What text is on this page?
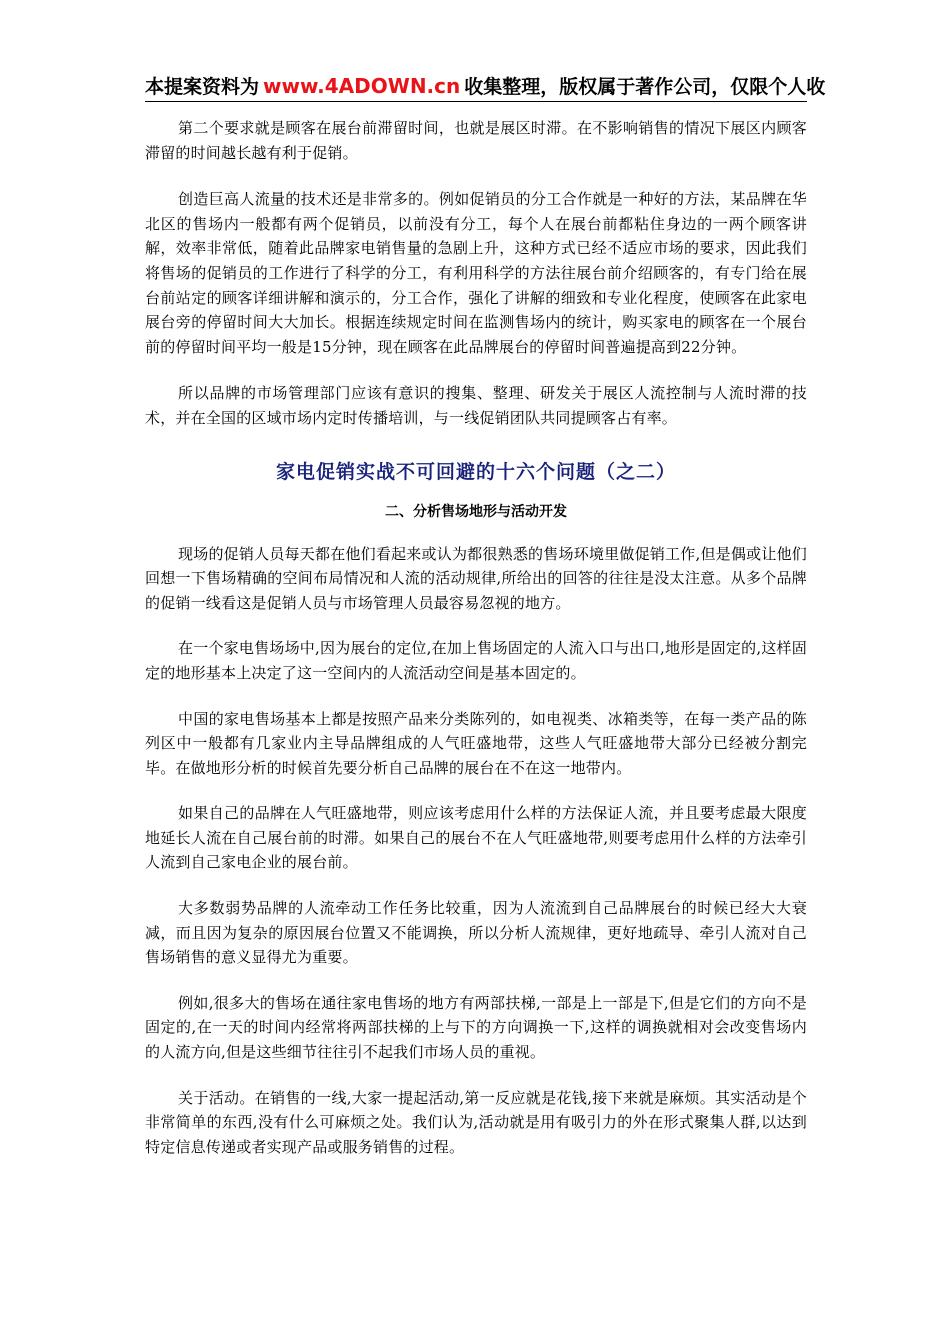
本提案资料为 www.4ADOWN.cn 收集整理，版权属于著作公司，仅限个人收

第二个要求就是顾客在展台前滞留时间，也就是展区时滞。在不影响销售的情况下展区内顾客滞留的时间越长越有利于促销。

创造巨高人流量的技术还是非常多的。例如促销员的分工合作就是一种好的方法，某品牌在华北区的售场内一般都有两个促销员，以前没有分工，每个人在展台前都粘住身边的一两个顾客讲解，效率非常低，随着此品牌家电销售量的急剧上升，这种方式已经不适应市场的要求，因此我们将售场的促销员的工作进行了科学的分工，有利用科学的方法往展台前介绍顾客的，有专门给在展台前站定的顾客详细讲解和演示的，分工合作，强化了讲解的细致和专业化程度，使顾客在此家电展台旁的停留时间大大加长。根据连续规定时间在监测售场内的统计，购买家电的顾客在一个展台前的停留时间平均一般是15分钟，现在顾客在此品牌展台的停留时间普遍提高到22分钟。

所以品牌的市场管理部门应该有意识的搜集、整理、研发关于展区人流控制与人流时滞的技术，并在全国的区域市场内定时传播培训，与一线促销团队共同提顾客占有率。

家电促销实战不可回避的十六个问题（之二）
二、分析售场地形与活动开发

现场的促销人员每天都在他们看起来或认为都很熟悉的售场环境里做促销工作,但是偶或让他们回想一下售场精确的空间布局情况和人流的活动规律,所给出的回答的往往是没太注意。从多个品牌的促销一线看这是促销人员与市场管理人员最容易忽视的地方。

在一个家电售场场中,因为展台的定位,在加上售场固定的人流入口与出口,地形是固定的,这样固定的地形基本上决定了这一空间内的人流活动空间是基本固定的。

中国的家电售场基本上都是按照产品来分类陈列的，如电视类、冰箱类等，在每一类产品的陈列区中一般都有几家业内主导品牌组成的人气旺盛地带，这些人气旺盛地带大部分已经被分割完毕。在做地形分析的时候首先要分析自己品牌的展台在不在这一地带内。

如果自己的品牌在人气旺盛地带，则应该考虑用什么样的方法保证人流，并且要考虑最大限度地延长人流在自己展台前的时滞。如果自己的展台不在人气旺盛地带,则要考虑用什么样的方法牵引人流到自己家电企业的展台前。

大多数弱势品牌的人流牵动工作任务比较重，因为人流流到自己品牌展台的时候已经大大衰减，而且因为复杂的原因展台位置又不能调换，所以分析人流规律，更好地疏导、牵引人流对自己售场销售的意义显得尤为重要。

例如,很多大的售场在通往家电售场的地方有两部扶梯,一部是上一部是下,但是它们的方向不是固定的,在一天的时间内经常将两部扶梯的上与下的方向调换一下,这样的调换就相对会改变售场内的人流方向,但是这些细节往往引不起我们市场人员的重视。

关于活动。在销售的一线,大家一提起活动,第一反应就是花钱,接下来就是麻烦。其实活动是个非常简单的东西,没有什么可麻烦之处。我们认为,活动就是用有吸引力的外在形式聚集人群,以达到特定信息传递或者实现产品或服务销售的过程。
